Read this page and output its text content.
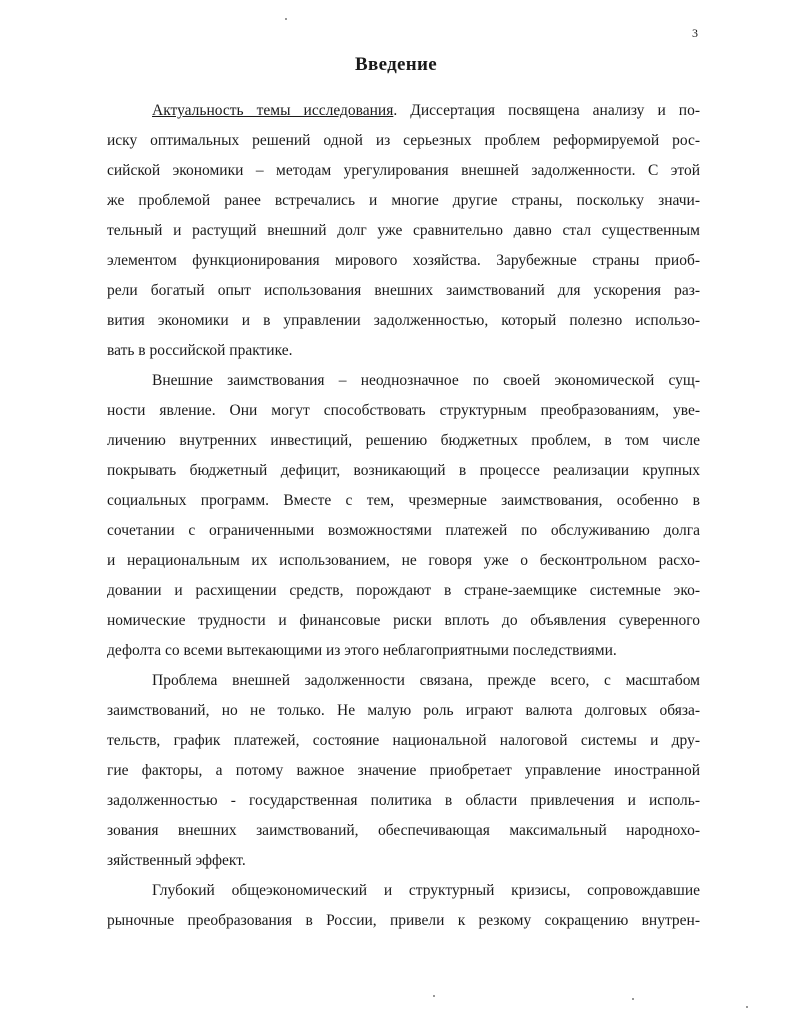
3
Введение
Актуальность темы исследования. Диссертация посвящена анализу и по-
иску оптимальных решений одной из серьезных проблем реформируемой рос-
сийской экономики – методам урегулирования внешней задолженности. С этой
же проблемой ранее встречались и многие другие страны, поскольку значи-
тельный и растущий внешний долг уже сравнительно давно стал существенным
элементом функционирования мирового хозяйства. Зарубежные страны приоб-
рели богатый опыт использования внешних заимствований для ускорения раз-
вития экономики и в управлении задолженностью, который полезно использо-
вать в российской практике.
Внешние заимствования – неоднозначное по своей экономической сущ-
ности явление. Они могут способствовать структурным преобразованиям, уве-
личению внутренних инвестиций, решению бюджетных проблем, в том числе
покрывать бюджетный дефицит, возникающий в процессе реализации крупных
социальных программ. Вместе с тем, чрезмерные заимствования, особенно в
сочетании с ограниченными возможностями платежей по обслуживанию долга
и нерациональным их использованием, не говоря уже о бесконтрольном расхо-
довании и расхищении средств, порождают в стране-заемщике системные эко-
номические трудности и финансовые риски вплоть до объявления суверенного
дефолта со всеми вытекающими из этого неблагоприятными последствиями.
Проблема внешней задолженности связана, прежде всего, с масштабом
заимствований, но не только. Не малую роль играют валюта долговых обяза-
тельств, график платежей, состояние национальной налоговой системы и дру-
гие факторы, а потому важное значение приобретает управление иностранной
задолженностью - государственная политика в области привлечения и исполь-
зования внешних заимствований, обеспечивающая максимальный народнохо-
зяйственный эффект.
Глубокий общеэкономический и структурный кризисы, сопровождавшие
рыночные преобразования в России, привели к резкому сокращению внутрен-
